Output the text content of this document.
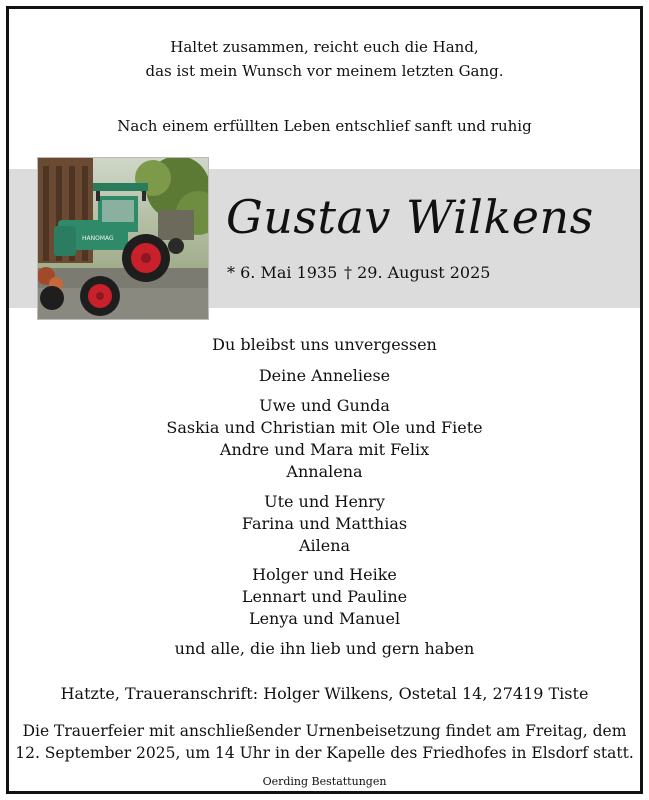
Haltet zusammen, reicht euch die Hand,
das ist mein Wunsch vor meinem letzten Gang.
Nach einem erfüllten Leben entschlief sanft und ruhig
HANOMAG Gustav Wilkens
* 6. Mai 1935 † 29. August 2025
Du bleibst uns unvergessen
Deine Anneliese
Uwe und Gunda
Saskia und Christian mit Ole und Fiete
Andre und Mara mit Felix
Annalena
Ute und Henry
Farina und Matthias
Ailena
Holger und Heike
Lennart und Pauline
Lenya und Manuel
und alle, die ihn lieb und gern haben
Hatzte, Traueranschrift: Holger Wilkens, Ostetal 14, 27419 Tiste
Die Trauerfeier mit anschließender Urnenbeisetzung findet am Freitag, dem
12. September 2025, um 14 Uhr in der Kapelle des Friedhofes in Elsdorf statt.
Oerding Bestattungen
